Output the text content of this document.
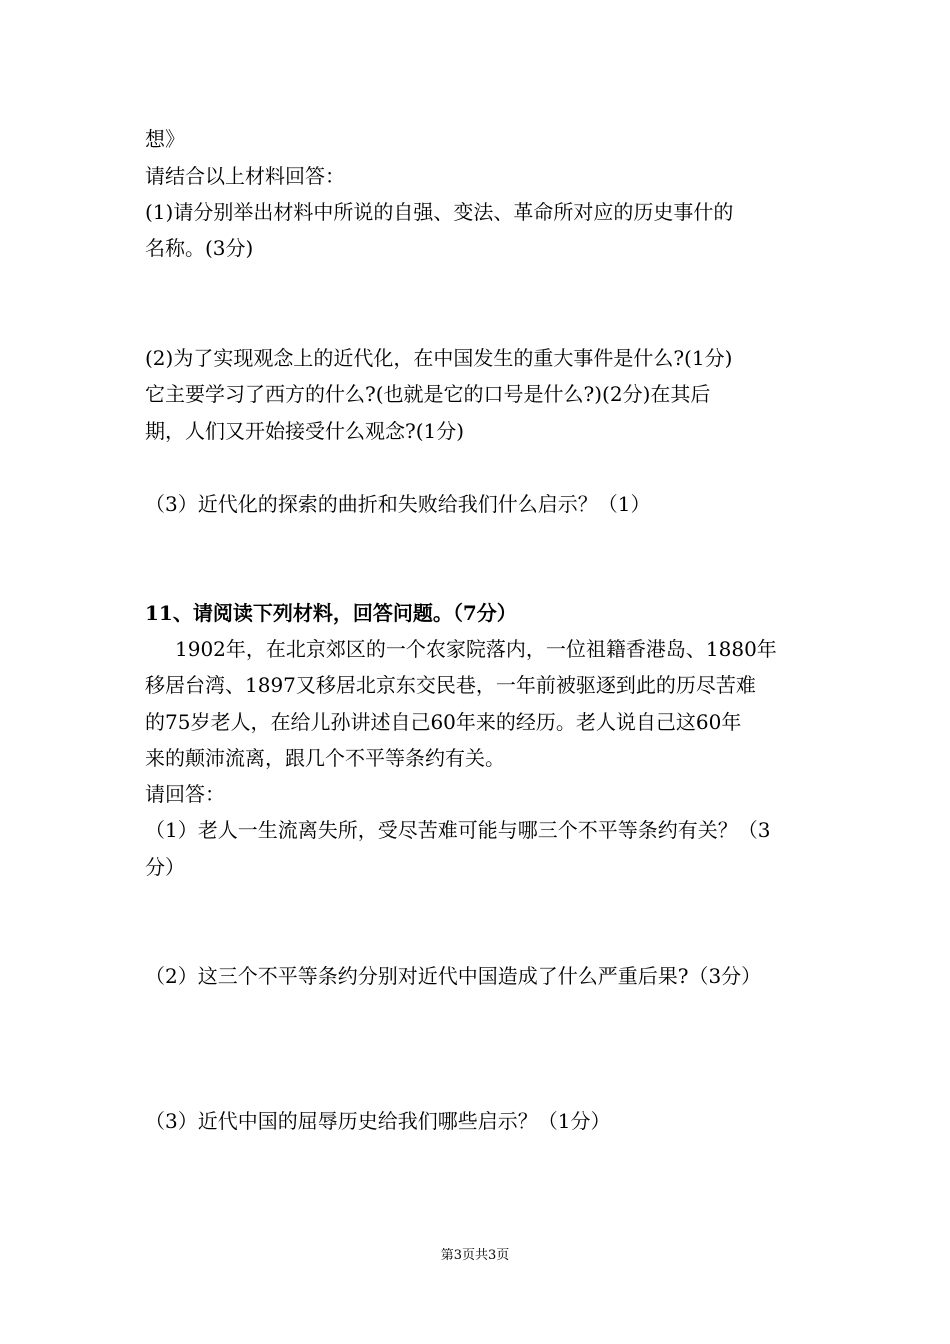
想》
请结合以上材料回答：
(1)请分别举出材料中所说的自强、变法、革命所对应的历史事什的
名称。(3分)
(2)为了实现观念上的近代化，在中国发生的重大事件是什么?(1分)
它主要学习了西方的什么?(也就是它的口号是什么?)(2分)在其后
期，人们又开始接受什么观念?(1分)
（3）近代化的探索的曲折和失败给我们什么启示？（1）
11、请阅读下列材料，回答问题。（7分）
1902年，在北京郊区的一个农家院落内，一位祖籍香港岛、1880年
移居台湾、1897又移居北京东交民巷，一年前被驱逐到此的历尽苦难
的75岁老人，在给儿孙讲述自己60年来的经历。老人说自己这60年
来的颠沛流离，跟几个不平等条约有关。
请回答：
（1）老人一生流离失所，受尽苦难可能与哪三个不平等条约有关？（3
分）
（2）这三个不平等条约分别对近代中国造成了什么严重后果?（3分）
（3）近代中国的屈辱历史给我们哪些启示？（1分）
第3页共3页
